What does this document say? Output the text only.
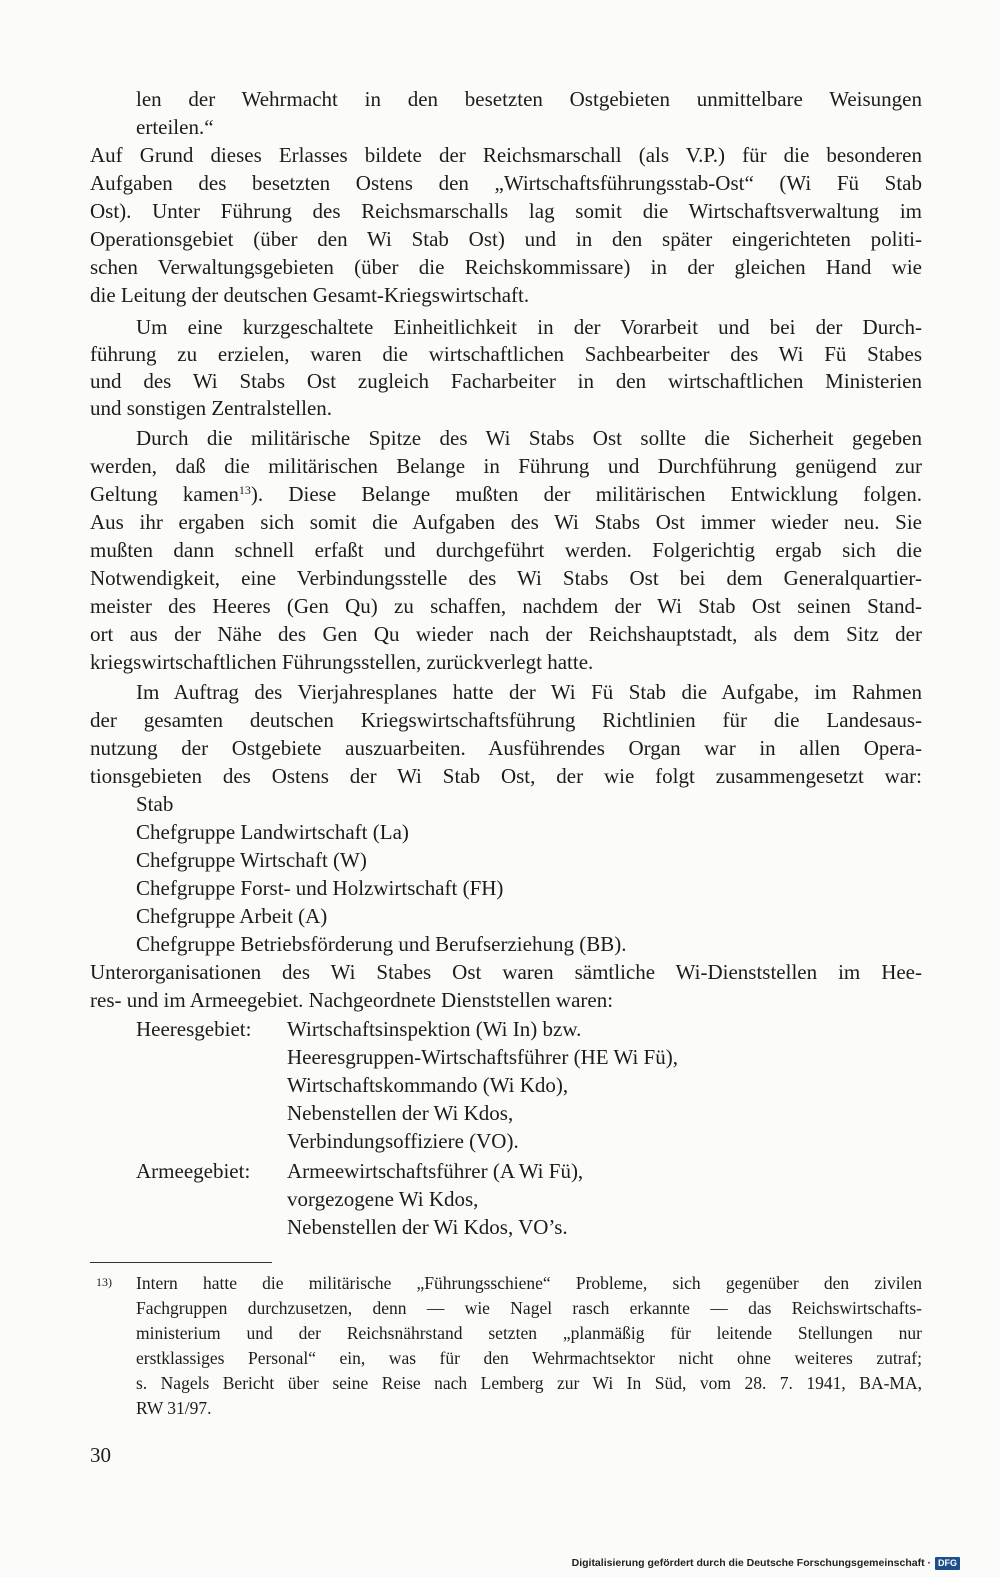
len der Wehrmacht in den besetzten Ostgebieten unmittelbare Weisungen
erteilen.“
Auf Grund dieses Erlasses bildete der Reichsmarschall (als V.P.) für die besonderen
Aufgaben des besetzten Ostens den „Wirtschaftsführungsstab-Ost“ (Wi Fü Stab
Ost). Unter Führung des Reichsmarschalls lag somit die Wirtschaftsverwaltung im
Operationsgebiet (über den Wi Stab Ost) und in den später eingerichteten politi-
schen Verwaltungsgebieten (über die Reichskommissare) in der gleichen Hand wie
die Leitung der deutschen Gesamt-Kriegswirtschaft.
Um eine kurzgeschaltete Einheitlichkeit in der Vorarbeit und bei der Durch-
führung zu erzielen, waren die wirtschaftlichen Sachbearbeiter des Wi Fü Stabes
und des Wi Stabs Ost zugleich Facharbeiter in den wirtschaftlichen Ministerien
und sonstigen Zentralstellen.
Durch die militärische Spitze des Wi Stabs Ost sollte die Sicherheit gegeben
werden, daß die militärischen Belange in Führung und Durchführung genügend zur
Geltung kamen$^{13}$). Diese Belange mußten der militärischen Entwicklung folgen.
Aus ihr ergaben sich somit die Aufgaben des Wi Stabs Ost immer wieder neu. Sie
mußten dann schnell erfaßt und durchgeführt werden. Folgerichtig ergab sich die
Notwendigkeit, eine Verbindungsstelle des Wi Stabs Ost bei dem Generalquartier-
meister des Heeres (Gen Qu) zu schaffen, nachdem der Wi Stab Ost seinen Stand-
ort aus der Nähe des Gen Qu wieder nach der Reichshauptstadt, als dem Sitz der
kriegswirtschaftlichen Führungsstellen, zurückverlegt hatte.
Im Auftrag des Vierjahresplanes hatte der Wi Fü Stab die Aufgabe, im Rahmen
der gesamten deutschen Kriegswirtschaftsführung Richtlinien für die Landesaus-
nutzung der Ostgebiete auszuarbeiten. Ausführendes Organ war in allen Opera-
tionsgebieten des Ostens der Wi Stab Ost, der wie folgt zusammengesetzt war:
Stab
Chefgruppe Landwirtschaft (La)
Chefgruppe Wirtschaft (W)
Chefgruppe Forst- und Holzwirtschaft (FH)
Chefgruppe Arbeit (A)
Chefgruppe Betriebsförderung und Berufserziehung (BB).
Unterorganisationen des Wi Stabes Ost waren sämtliche Wi-Dienststellen im Hee-
res- und im Armeegebiet. Nachgeordnete Dienststellen waren:
Heeresgebiet: Wirtschaftsinspektion (Wi In) bzw.
Heeresgruppen-Wirtschaftsführer (HE Wi Fü),
Wirtschaftskommando (Wi Kdo),
Nebenstellen der Wi Kdos,
Verbindungsoffiziere (VO).
Armeegebiet: Armeewirtschaftsführer (A Wi Fü),
vorgezogene Wi Kdos,
Nebenstellen der Wi Kdos, VO’s.
13) Intern hatte die militärische „Führungsschiene“ Probleme, sich gegenüber den zivilen
Fachgruppen durchzusetzen, denn — wie Nagel rasch erkannte — das Reichswirtschafts-
ministerium und der Reichsnährstand setzten „planmäßig für leitende Stellungen nur
erstklassiges Personal“ ein, was für den Wehrmachtsektor nicht ohne weiteres zutraf;
s. Nagels Bericht über seine Reise nach Lemberg zur Wi In Süd, vom 28. 7. 1941, BA-MA,
RW 31/97.
30
Digitalisierung gefördert durch die Deutsche Forschungsgemeinschaft · DFG
